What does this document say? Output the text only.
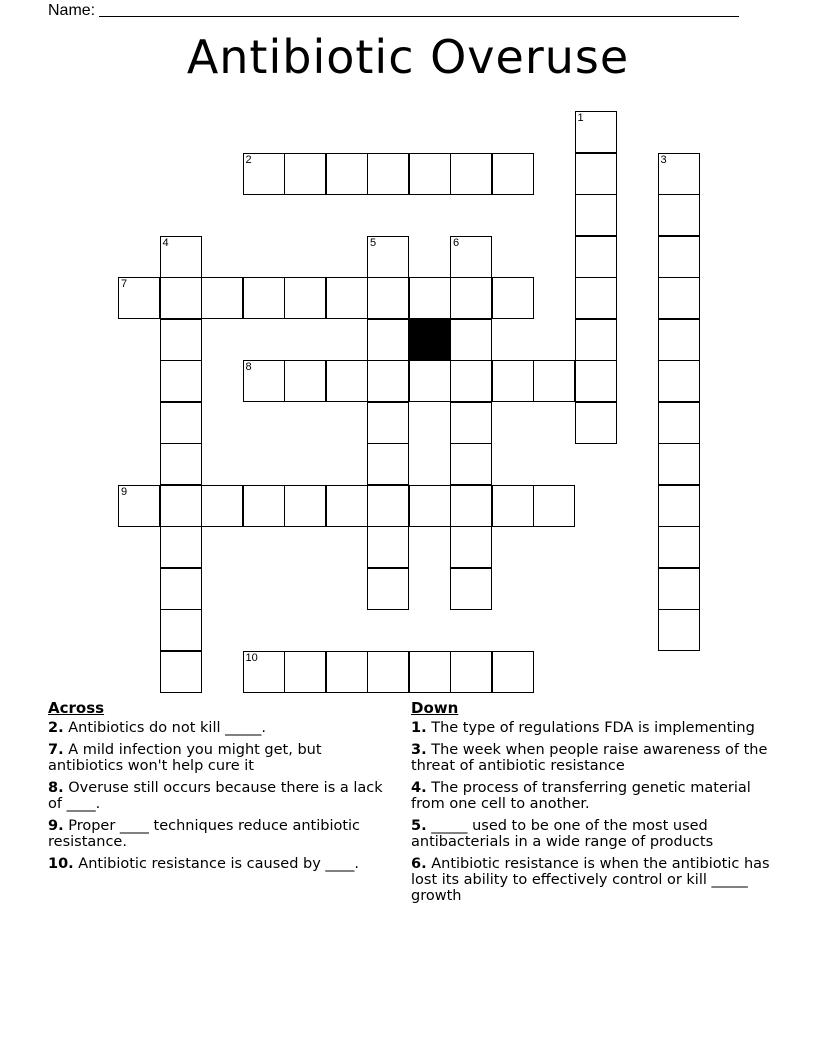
Name:
Antibiotic Overuse
1
2	3
4	5	6
7
8
9
10
Across
2. Antibiotics do not kill _____.
7. A mild infection you might get, but antibiotics won't help cure it
8. Overuse still occurs because there is a lack of ____.
9. Proper ____ techniques reduce antibiotic resistance.
10. Antibiotic resistance is caused by ____.
Down
1. The type of regulations FDA is implementing
3. The week when people raise awareness of the threat of antibiotic resistance
4. The process of transferring genetic material from one cell to another.
5. _____ used to be one of the most used antibacterials in a wide range of products
6. Antibiotic resistance is when the antibiotic has lost its ability to effectively control or kill _____ growth
